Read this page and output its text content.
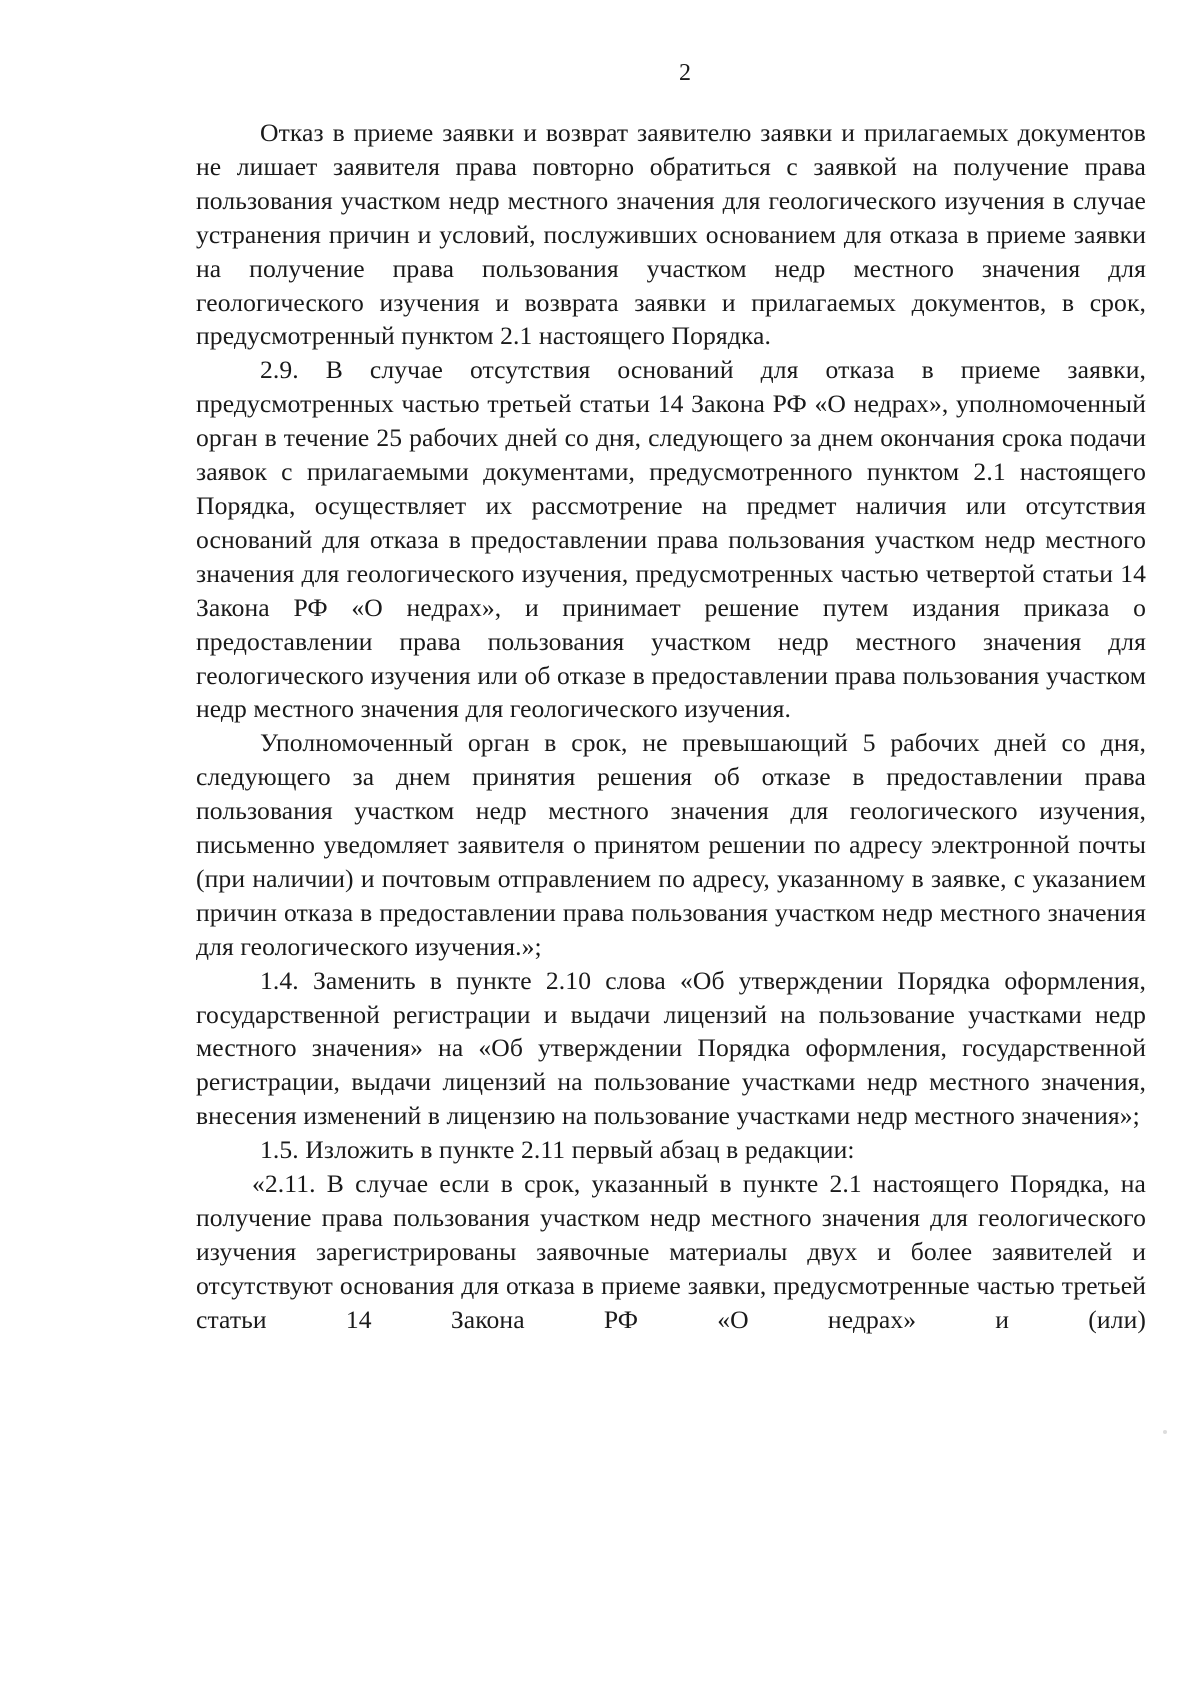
2

Отказ в приеме заявки и возврат заявителю заявки и прилагаемых документов не лишает заявителя права повторно обратиться с заявкой на получение права пользования участком недр местного значения для геологического изучения в случае устранения причин и условий, послуживших основанием для отказа в приеме заявки на получение права пользования участком недр местного значения для геологического изучения и возврата заявки и прилагаемых документов, в срок, предусмотренный пунктом 2.1 настоящего Порядка.

2.9. В случае отсутствия оснований для отказа в приеме заявки, предусмотренных частью третьей статьи 14 Закона РФ «О недрах», уполномоченный орган в течение 25 рабочих дней со дня, следующего за днем окончания срока подачи заявок с прилагаемыми документами, предусмотренного пунктом 2.1 настоящего Порядка, осуществляет их рассмотрение на предмет наличия или отсутствия оснований для отказа в предоставлении права пользования участком недр местного значения для геологического изучения, предусмотренных частью четвертой статьи 14 Закона РФ «О недрах», и принимает решение путем издания приказа о предоставлении права пользования участком недр местного значения для геологического изучения или об отказе в предоставлении права пользования участком недр местного значения для геологического изучения.

Уполномоченный орган в срок, не превышающий 5 рабочих дней со дня, следующего за днем принятия решения об отказе в предоставлении права пользования участком недр местного значения для геологического изучения, письменно уведомляет заявителя о принятом решении по адресу электронной почты (при наличии) и почтовым отправлением по адресу, указанному в заявке, с указанием причин отказа в предоставлении права пользования участком недр местного значения для геологического изучения.»;

1.4. Заменить в пункте 2.10 слова «Об утверждении Порядка оформления, государственной регистрации и выдачи лицензий на пользование участками недр местного значения» на «Об утверждении Порядка оформления, государственной регистрации, выдачи лицензий на пользование участками недр местного значения, внесения изменений в лицензию на пользование участками недр местного значения»;

1.5. Изложить в пункте 2.11 первый абзац в редакции:

«2.11. В случае если в срок, указанный в пункте 2.1 настоящего Порядка, на получение права пользования участком недр местного значения для геологического изучения зарегистрированы заявочные материалы двух и более заявителей и отсутствуют основания для отказа в приеме заявки, предусмотренные частью третьей статьи 14 Закона РФ «О недрах» и (или)
